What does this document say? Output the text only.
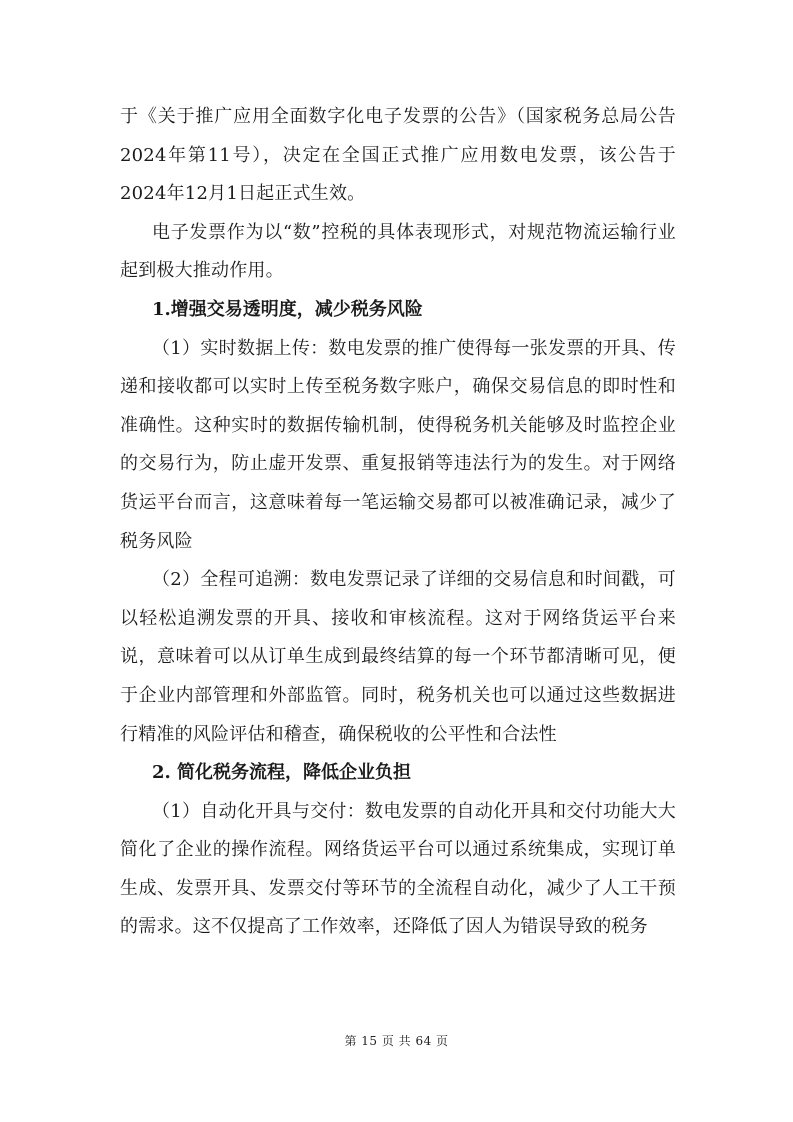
于《关于推广应用全面数字化电子发票的公告》（国家税务总局公告2024年第11号），决定在全国正式推广应用数电发票，该公告于2024年12月1日起正式生效。

电子发票作为以“数”控税的具体表现形式，对规范物流运输行业起到极大推动作用。

1.增强交易透明度，减少税务风险

（1）实时数据上传：数电发票的推广使得每一张发票的开具、传递和接收都可以实时上传至税务数字账户，确保交易信息的即时性和准确性。这种实时的数据传输机制，使得税务机关能够及时监控企业的交易行为，防止虚开发票、重复报销等违法行为的发生。对于网络货运平台而言，这意味着每一笔运输交易都可以被准确记录，减少了税务风险

（2）全程可追溯：数电发票记录了详细的交易信息和时间戳，可以轻松追溯发票的开具、接收和审核流程。这对于网络货运平台来说，意味着可以从订单生成到最终结算的每一个环节都清晰可见，便于企业内部管理和外部监管。同时，税务机关也可以通过这些数据进行精准的风险评估和稽查，确保税收的公平性和合法性

2. 简化税务流程，降低企业负担

（1）自动化开具与交付：数电发票的自动化开具和交付功能大大简化了企业的操作流程。网络货运平台可以通过系统集成，实现订单生成、发票开具、发票交付等环节的全流程自动化，减少了人工干预的需求。这不仅提高了工作效率，还降低了因人为错误导致的税务

第 15 页 共 64 页
